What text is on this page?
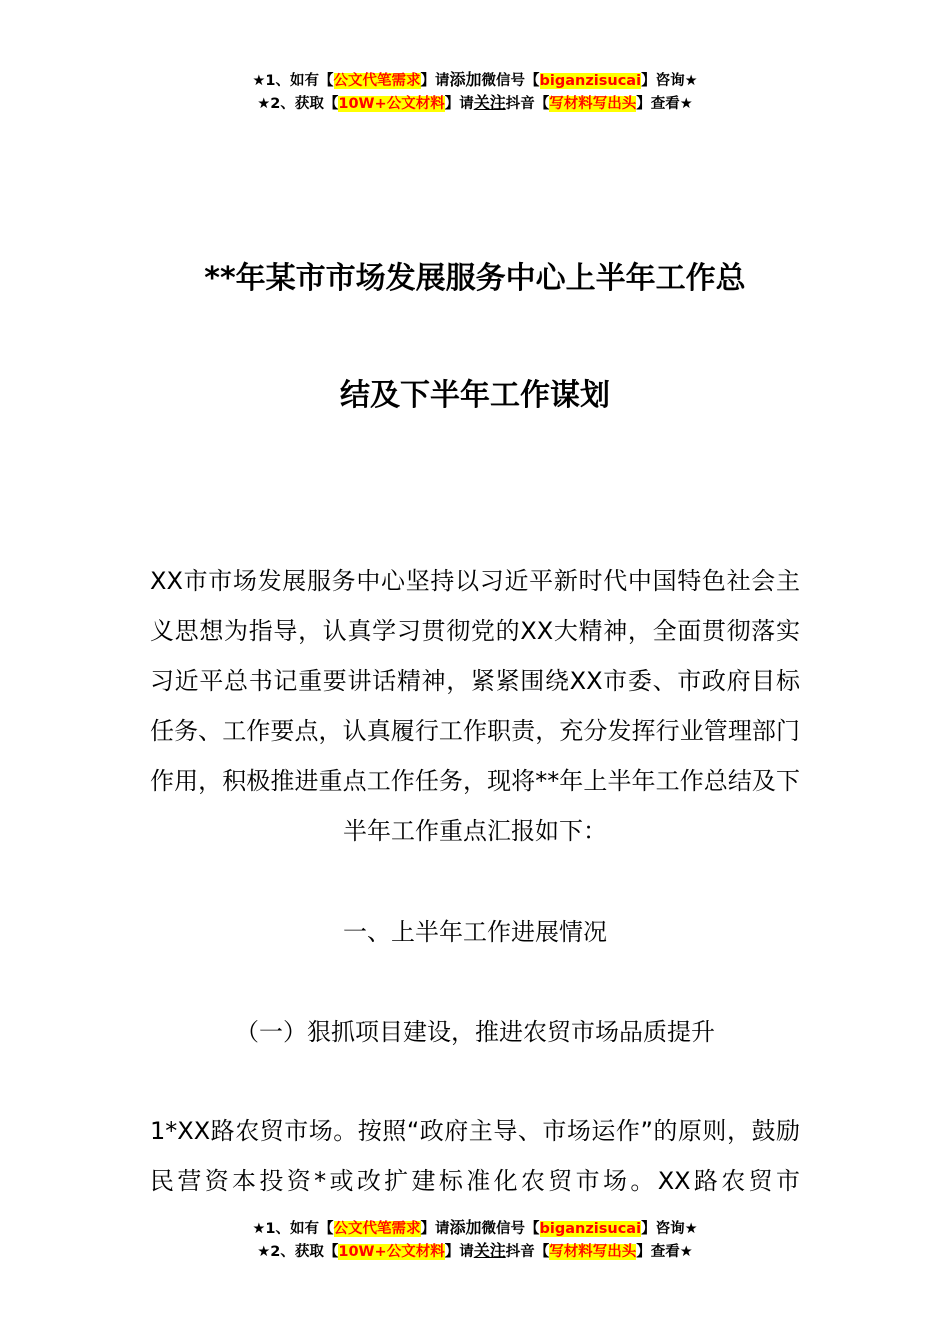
★1、如有【公文代笔需求】请添加微信号【biganzisucai】咨询★
★2、获取【10W+公文材料】请关注抖音【写材料写出头】查看★
**年某市市场发展服务中心上半年工作总
结及下半年工作谋划
XX市市场发展服务中心坚持以习近平新时代中国特色社会主义思想为指导，认真学习贯彻党的XX大精神，全面贯彻落实习近平总书记重要讲话精神，紧紧围绕XX市委、市政府目标任务、工作要点，认真履行工作职责，充分发挥行业管理部门作用，积极推进重点工作任务，现将**年上半年工作总结及下半年工作重点汇报如下：
一、上半年工作进展情况
（一）狠抓项目建设，推进农贸市场品质提升
1*XX路农贸市场。按照“政府主导、市场运作”的原则，鼓励民营资本投资*或改扩建标准化农贸市场。XX路农贸市
★1、如有【公文代笔需求】请添加微信号【biganzisucai】咨询★
★2、获取【10W+公文材料】请关注抖音【写材料写出头】查看★
